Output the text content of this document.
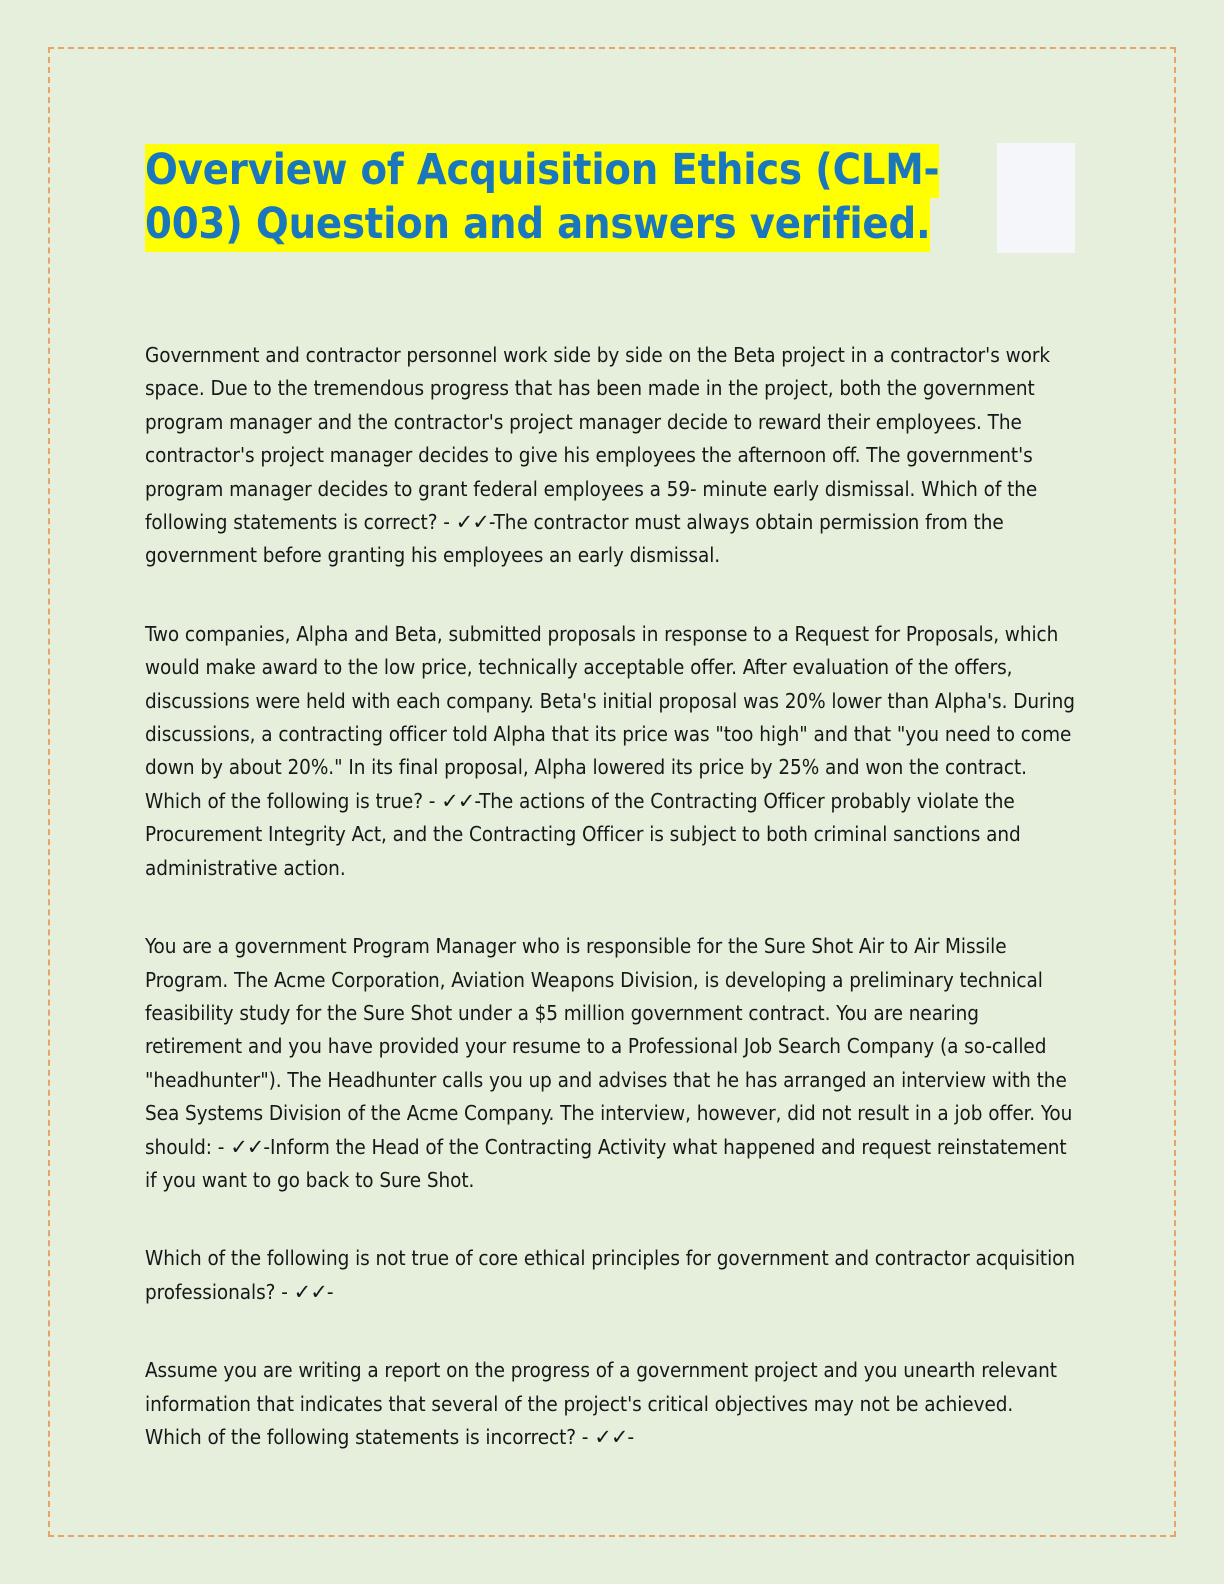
Overview of Acquisition Ethics (CLM-
003) Question and answers verified.

Government and contractor personnel work side by side on the Beta project in a contractor's work space. Due to the tremendous progress that has been made in the project, both the government program manager and the contractor's project manager decide to reward their employees. The contractor's project manager decides to give his employees the afternoon off. The government's program manager decides to grant federal employees a 59- minute early dismissal. Which of the following statements is correct? - ✓✓-The contractor must always obtain permission from the government before granting his employees an early dismissal.

Two companies, Alpha and Beta, submitted proposals in response to a Request for Proposals, which would make award to the low price, technically acceptable offer. After evaluation of the offers, discussions were held with each company. Beta's initial proposal was 20% lower than Alpha's. During discussions, a contracting officer told Alpha that its price was "too high" and that "you need to come down by about 20%." In its final proposal, Alpha lowered its price by 25% and won the contract. Which of the following is true? - ✓✓-The actions of the Contracting Officer probably violate the Procurement Integrity Act, and the Contracting Officer is subject to both criminal sanctions and administrative action.

You are a government Program Manager who is responsible for the Sure Shot Air to Air Missile Program. The Acme Corporation, Aviation Weapons Division, is developing a preliminary technical feasibility study for the Sure Shot under a $5 million government contract. You are nearing retirement and you have provided your resume to a Professional Job Search Company (a so-called "headhunter"). The Headhunter calls you up and advises that he has arranged an interview with the Sea Systems Division of the Acme Company. The interview, however, did not result in a job offer. You should: - ✓✓-Inform the Head of the Contracting Activity what happened and request reinstatement if you want to go back to Sure Shot.

Which of the following is not true of core ethical principles for government and contractor acquisition professionals? - ✓✓-

Assume you are writing a report on the progress of a government project and you unearth relevant information that indicates that several of the project's critical objectives may not be achieved. Which of the following statements is incorrect? - ✓✓-
